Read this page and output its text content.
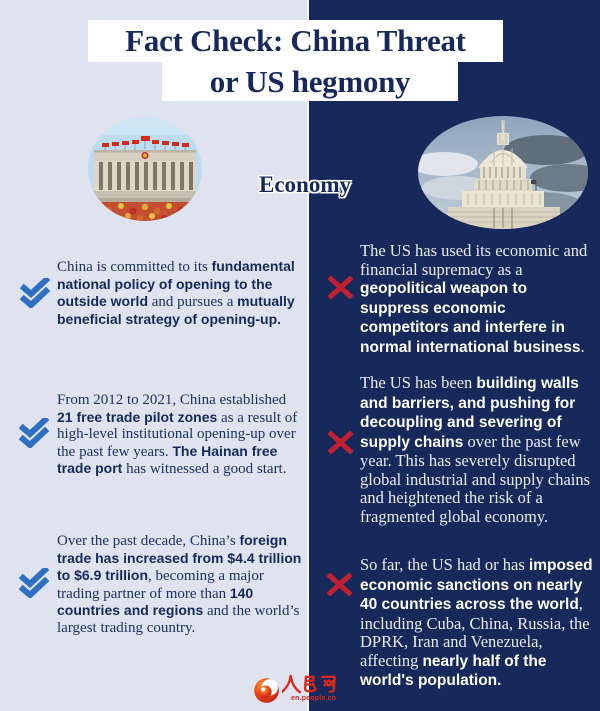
Fact Check: China Threat
or US hegmony
Economy
China is committed to its fundamental national policy of opening to the outside world and pursues a mutually beneficial strategy of opening-up.
From 2012 to 2021, China established 21 free trade pilot zones as a result of high-level institutional opening-up over the past few years. The Hainan free trade port has witnessed a good start.
Over the past decade, China’s foreign trade has increased from $4.4 trillion to $6.9 trillion, becoming a major trading partner of more than 140 countries and regions and the world’s largest trading country.
The US has used its economic and financial supremacy as a geopolitical weapon to suppress economic competitors and interfere in normal international business.
The US has been building walls and barriers, and pushing for decoupling and severing of supply chains over the past few year. This has severely disrupted global industrial and supply chains and heightened the risk of a fragmented global economy.
So far, the US had or has imposed economic sanctions on nearly 40 countries across the world, including Cuba, China, Russia, the DPRK, Iran and Venezuela, affecting nearly half of the world's population.
en.people.cn
